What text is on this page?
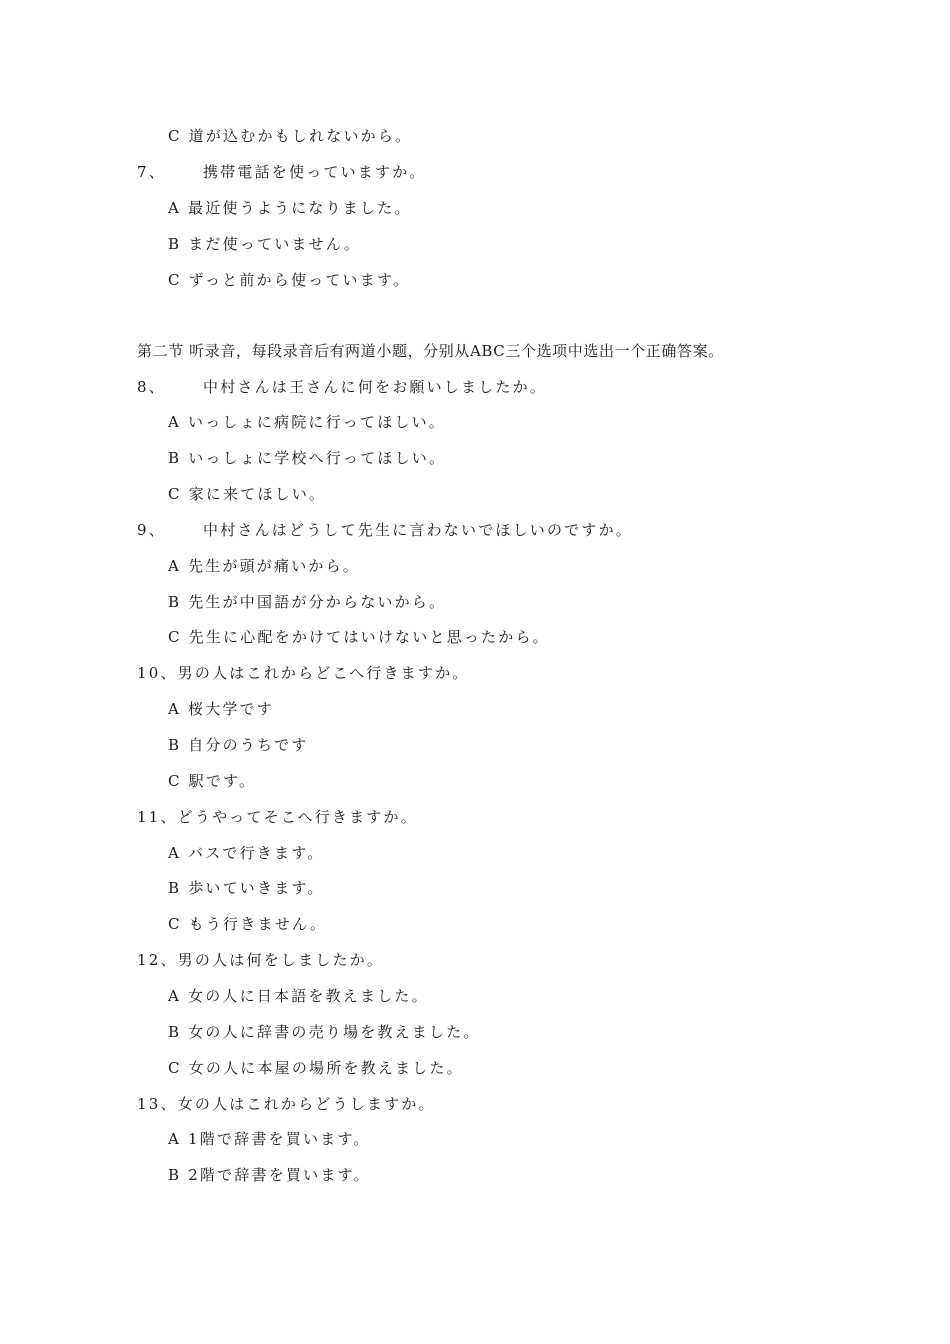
C 道が込むかもしれないから。
7、 携帯電話を使っていますか。
A 最近使うようになりました。
B まだ使っていません。
C ずっと前から使っています。
第二节 听录音，每段录音后有两道小题，分别从ABC三个选项中选出一个正确答案。
8、 中村さんは王さんに何をお願いしましたか。
A いっしょに病院に行ってほしい。
B いっしょに学校へ行ってほしい。
C 家に来てほしい。
9、 中村さんはどうして先生に言わないでほしいのですか。
A 先生が頭が痛いから。
B 先生が中国語が分からないから。
C 先生に心配をかけてはいけないと思ったから。
10、男の人はこれからどこへ行きますか。
A 桜大学です
B 自分のうちです
C 駅です。
11、どうやってそこへ行きますか。
A バスで行きます。
B 歩いていきます。
C もう行きません。
12、男の人は何をしましたか。
A 女の人に日本語を教えました。
B 女の人に辞書の売り場を教えました。
C 女の人に本屋の場所を教えました。
13、女の人はこれからどうしますか。
A 1階で辞書を買います。
B 2階で辞書を買います。
